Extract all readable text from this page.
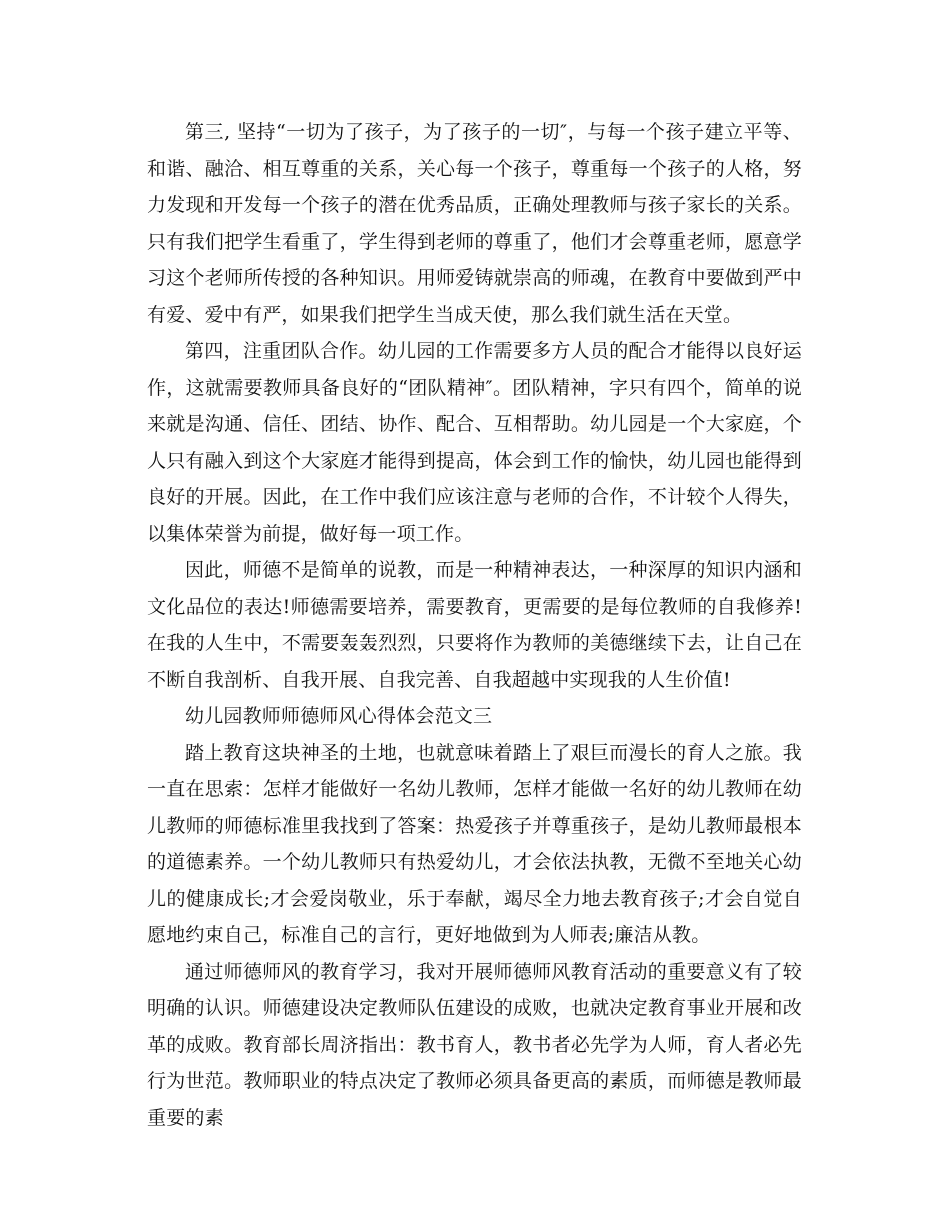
第三, 坚持“一切为了孩子，为了孩子的一切″，与每一个孩子建立平等、和谐、融洽、相互尊重的关系，关心每一个孩子，尊重每一个孩子的人格，努力发现和开发每一个孩子的潜在优秀品质，正确处理教师与孩子家长的关系。只有我们把学生看重了，学生得到老师的尊重了，他们才会尊重老师，愿意学习这个老师所传授的各种知识。用师爱铸就崇高的师魂，在教育中要做到严中有爱、爱中有严，如果我们把学生当成天使，那么我们就生活在天堂。

第四，注重团队合作。幼儿园的工作需要多方人员的配合才能得以良好运作，这就需要教师具备良好的“团队精神″。团队精神，字只有四个，简单的说来就是沟通、信任、团结、协作、配合、互相帮助。幼儿园是一个大家庭，个人只有融入到这个大家庭才能得到提高，体会到工作的愉快，幼儿园也能得到良好的开展。因此，在工作中我们应该注意与老师的合作，不计较个人得失，以集体荣誉为前提，做好每一项工作。

因此，师德不是简单的说教，而是一种精神表达，一种深厚的知识内涵和文化品位的表达!师德需要培养，需要教育，更需要的是每位教师的自我修养!在我的人生中，不需要轰轰烈烈，只要将作为教师的美德继续下去，让自己在不断自我剖析、自我开展、自我完善、自我超越中实现我的人生价值!

幼儿园教师师德师风心得体会范文三

踏上教育这块神圣的土地，也就意味着踏上了艰巨而漫长的育人之旅。我一直在思索：怎样才能做好一名幼儿教师，怎样才能做一名好的幼儿教师在幼儿教师的师德标准里我找到了答案：热爱孩子并尊重孩子，是幼儿教师最根本的道德素养。一个幼儿教师只有热爱幼儿，才会依法执教，无微不至地关心幼儿的健康成长;才会爱岗敬业，乐于奉献，竭尽全力地去教育孩子;才会自觉自愿地约束自己，标准自己的言行，更好地做到为人师表;廉洁从教。

通过师德师风的教育学习，我对开展师德师风教育活动的重要意义有了较明确的认识。师德建设决定教师队伍建设的成败，也就决定教育事业开展和改革的成败。教育部长周济指出：教书育人，教书者必先学为人师，育人者必先行为世范。教师职业的特点决定了教师必须具备更高的素质，而师德是教师最重要的素
